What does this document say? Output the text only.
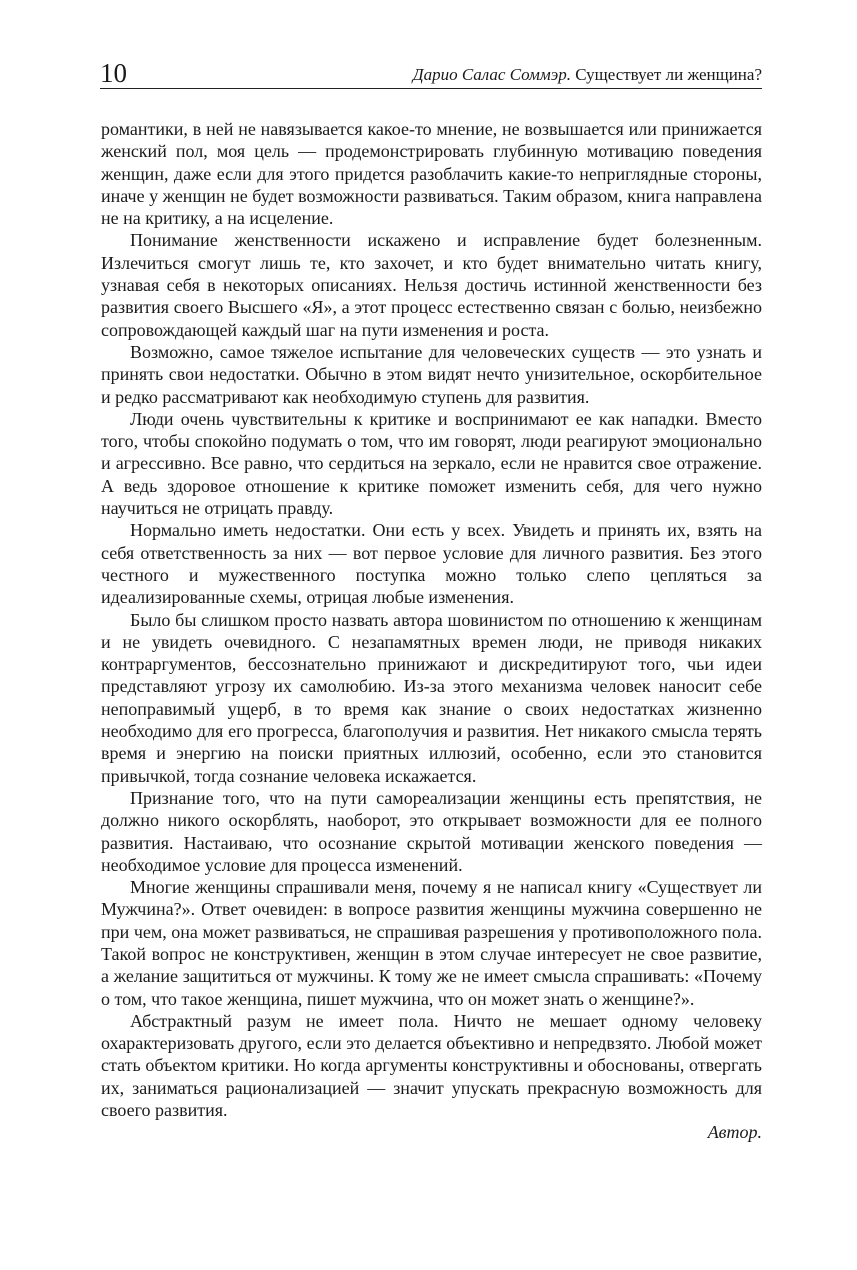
10	Дарио Салас Соммэр. Существует ли женщина?

романтики, в ней не навязывается какое-то мнение, не возвышается или принижается женский пол, моя цель — продемонстрировать глубинную мотивацию поведения женщин, даже если для этого придется разоблачить какие-то неприглядные стороны, иначе у женщин не будет возможности развиваться. Таким образом, книга направлена не на критику, а на исцеление.

Понимание женственности искажено и исправление будет болезненным. Излечиться смогут лишь те, кто захочет, и кто будет внимательно читать книгу, узнавая себя в некоторых описаниях. Нельзя достичь истинной женственности без развития своего Высшего «Я», а этот процесс естественно связан с болью, неизбежно сопровождающей каждый шаг на пути изменения и роста.

Возможно, самое тяжелое испытание для человеческих существ — это узнать и принять свои недостатки. Обычно в этом видят нечто унизительное, оскорбительное и редко рассматривают как необходимую ступень для развития.

Люди очень чувствительны к критике и воспринимают ее как нападки. Вместо того, чтобы спокойно подумать о том, что им говорят, люди реагируют эмоционально и агрессивно. Все равно, что сердиться на зеркало, если не нравится свое отражение. А ведь здоровое отношение к критике поможет изменить себя, для чего нужно научиться не отрицать правду.

Нормально иметь недостатки. Они есть у всех. Увидеть и принять их, взять на себя ответственность за них — вот первое условие для личного развития. Без этого честного и мужественного поступка можно только слепо цепляться за идеализированные схемы, отрицая любые изменения.

Было бы слишком просто назвать автора шовинистом по отношению к женщинам и не увидеть очевидного. С незапамятных времен люди, не приводя никаких контраргументов, бессознательно принижают и дискредитируют того, чьи идеи представляют угрозу их самолюбию. Из-за этого механизма человек наносит себе непоправимый ущерб, в то время как знание о своих недостатках жизненно необходимо для его прогресса, благополучия и развития. Нет никакого смысла терять время и энергию на поиски приятных иллюзий, особенно, если это становится привычкой, тогда сознание человека искажается.

Признание того, что на пути самореализации женщины есть препятствия, не должно никого оскорблять, наоборот, это открывает возможности для ее полного развития. Настаиваю, что осознание скрытой мотивации женского поведения — необходимое условие для процесса изменений.

Многие женщины спрашивали меня, почему я не написал книгу «Существует ли Мужчина?». Ответ очевиден: в вопросе развития женщины мужчина совершенно не при чем, она может развиваться, не спрашивая разрешения у противоположного пола. Такой вопрос не конструктивен, женщин в этом случае интересует не свое развитие, а желание защититься от мужчины. К тому же не имеет смысла спрашивать: «Почему о том, что такое женщина, пишет мужчина, что он может знать о женщине?».

Абстрактный разум не имеет пола. Ничто не мешает одному человеку охарактеризовать другого, если это делается объективно и непредвзято. Любой может стать объектом критики. Но когда аргументы конструктивны и обоснованы, отвергать их, заниматься рационализацией — значит упускать прекрасную возможность для своего развития.

Автор.
